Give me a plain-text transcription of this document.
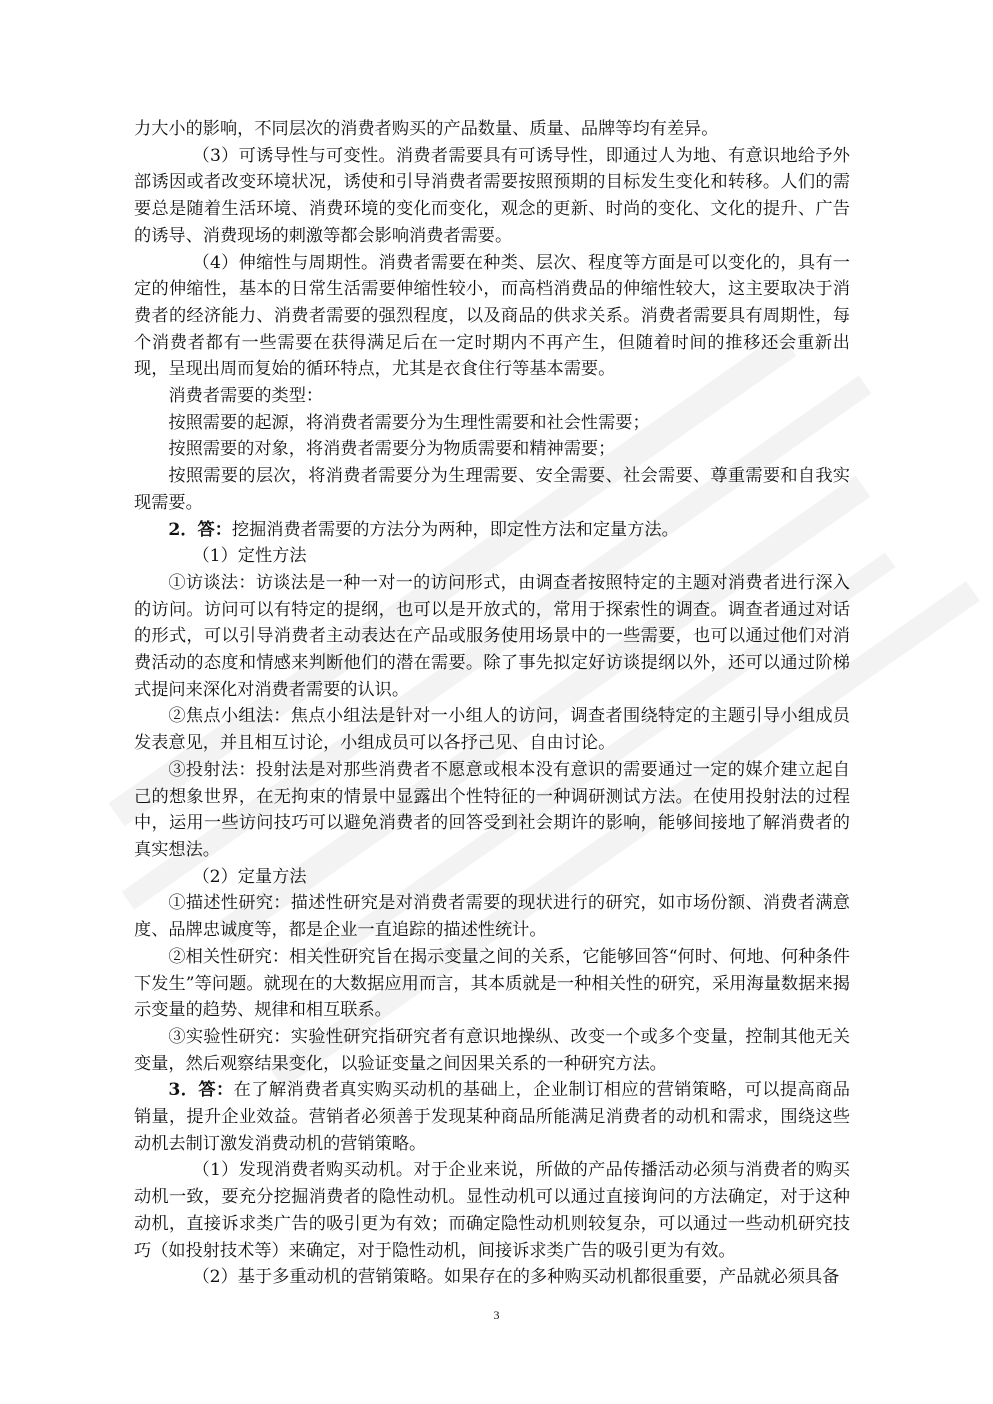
力大小的影响，不同层次的消费者购买的产品数量、质量、品牌等均有差异。

（3）可诱导性与可变性。消费者需要具有可诱导性，即通过人为地、有意识地给予外部诱因或者改变环境状况，诱使和引导消费者需要按照预期的目标发生变化和转移。人们的需要总是随着生活环境、消费环境的变化而变化，观念的更新、时尚的变化、文化的提升、广告的诱导、消费现场的刺激等都会影响消费者需要。

（4）伸缩性与周期性。消费者需要在种类、层次、程度等方面是可以变化的，具有一定的伸缩性，基本的日常生活需要伸缩性较小，而高档消费品的伸缩性较大，这主要取决于消费者的经济能力、消费者需要的强烈程度，以及商品的供求关系。消费者需要具有周期性，每个消费者都有一些需要在获得满足后在一定时期内不再产生，但随着时间的推移还会重新出现，呈现出周而复始的循环特点，尤其是衣食住行等基本需要。

消费者需要的类型：

按照需要的起源，将消费者需要分为生理性需要和社会性需要；

按照需要的对象，将消费者需要分为物质需要和精神需要；

按照需要的层次，将消费者需要分为生理需要、安全需要、社会需要、尊重需要和自我实现需要。

2．答：挖掘消费者需要的方法分为两种，即定性方法和定量方法。

（1）定性方法

①访谈法：访谈法是一种一对一的访问形式，由调查者按照特定的主题对消费者进行深入的访问。访问可以有特定的提纲，也可以是开放式的，常用于探索性的调查。调查者通过对话的形式，可以引导消费者主动表达在产品或服务使用场景中的一些需要，也可以通过他们对消费活动的态度和情感来判断他们的潜在需要。除了事先拟定好访谈提纲以外，还可以通过阶梯式提问来深化对消费者需要的认识。

②焦点小组法：焦点小组法是针对一小组人的访问，调查者围绕特定的主题引导小组成员发表意见，并且相互讨论，小组成员可以各抒己见、自由讨论。

③投射法：投射法是对那些消费者不愿意或根本没有意识的需要通过一定的媒介建立起自己的想象世界，在无拘束的情景中显露出个性特征的一种调研测试方法。在使用投射法的过程中，运用一些访问技巧可以避免消费者的回答受到社会期许的影响，能够间接地了解消费者的真实想法。

（2）定量方法

①描述性研究：描述性研究是对消费者需要的现状进行的研究，如市场份额、消费者满意度、品牌忠诚度等，都是企业一直追踪的描述性统计。

②相关性研究：相关性研究旨在揭示变量之间的关系，它能够回答“何时、何地、何种条件下发生”等问题。就现在的大数据应用而言，其本质就是一种相关性的研究，采用海量数据来揭示变量的趋势、规律和相互联系。

③实验性研究：实验性研究指研究者有意识地操纵、改变一个或多个变量，控制其他无关变量，然后观察结果变化，以验证变量之间因果关系的一种研究方法。

3．答：在了解消费者真实购买动机的基础上，企业制订相应的营销策略，可以提高商品销量，提升企业效益。营销者必须善于发现某种商品所能满足消费者的动机和需求，围绕这些动机去制订激发消费动机的营销策略。

（1）发现消费者购买动机。对于企业来说，所做的产品传播活动必须与消费者的购买动机一致，要充分挖掘消费者的隐性动机。显性动机可以通过直接询问的方法确定，对于这种动机，直接诉求类广告的吸引更为有效；而确定隐性动机则较复杂，可以通过一些动机研究技巧（如投射技术等）来确定，对于隐性动机，间接诉求类广告的吸引更为有效。

（2）基于多重动机的营销策略。如果存在的多种购买动机都很重要，产品就必须具备

3
